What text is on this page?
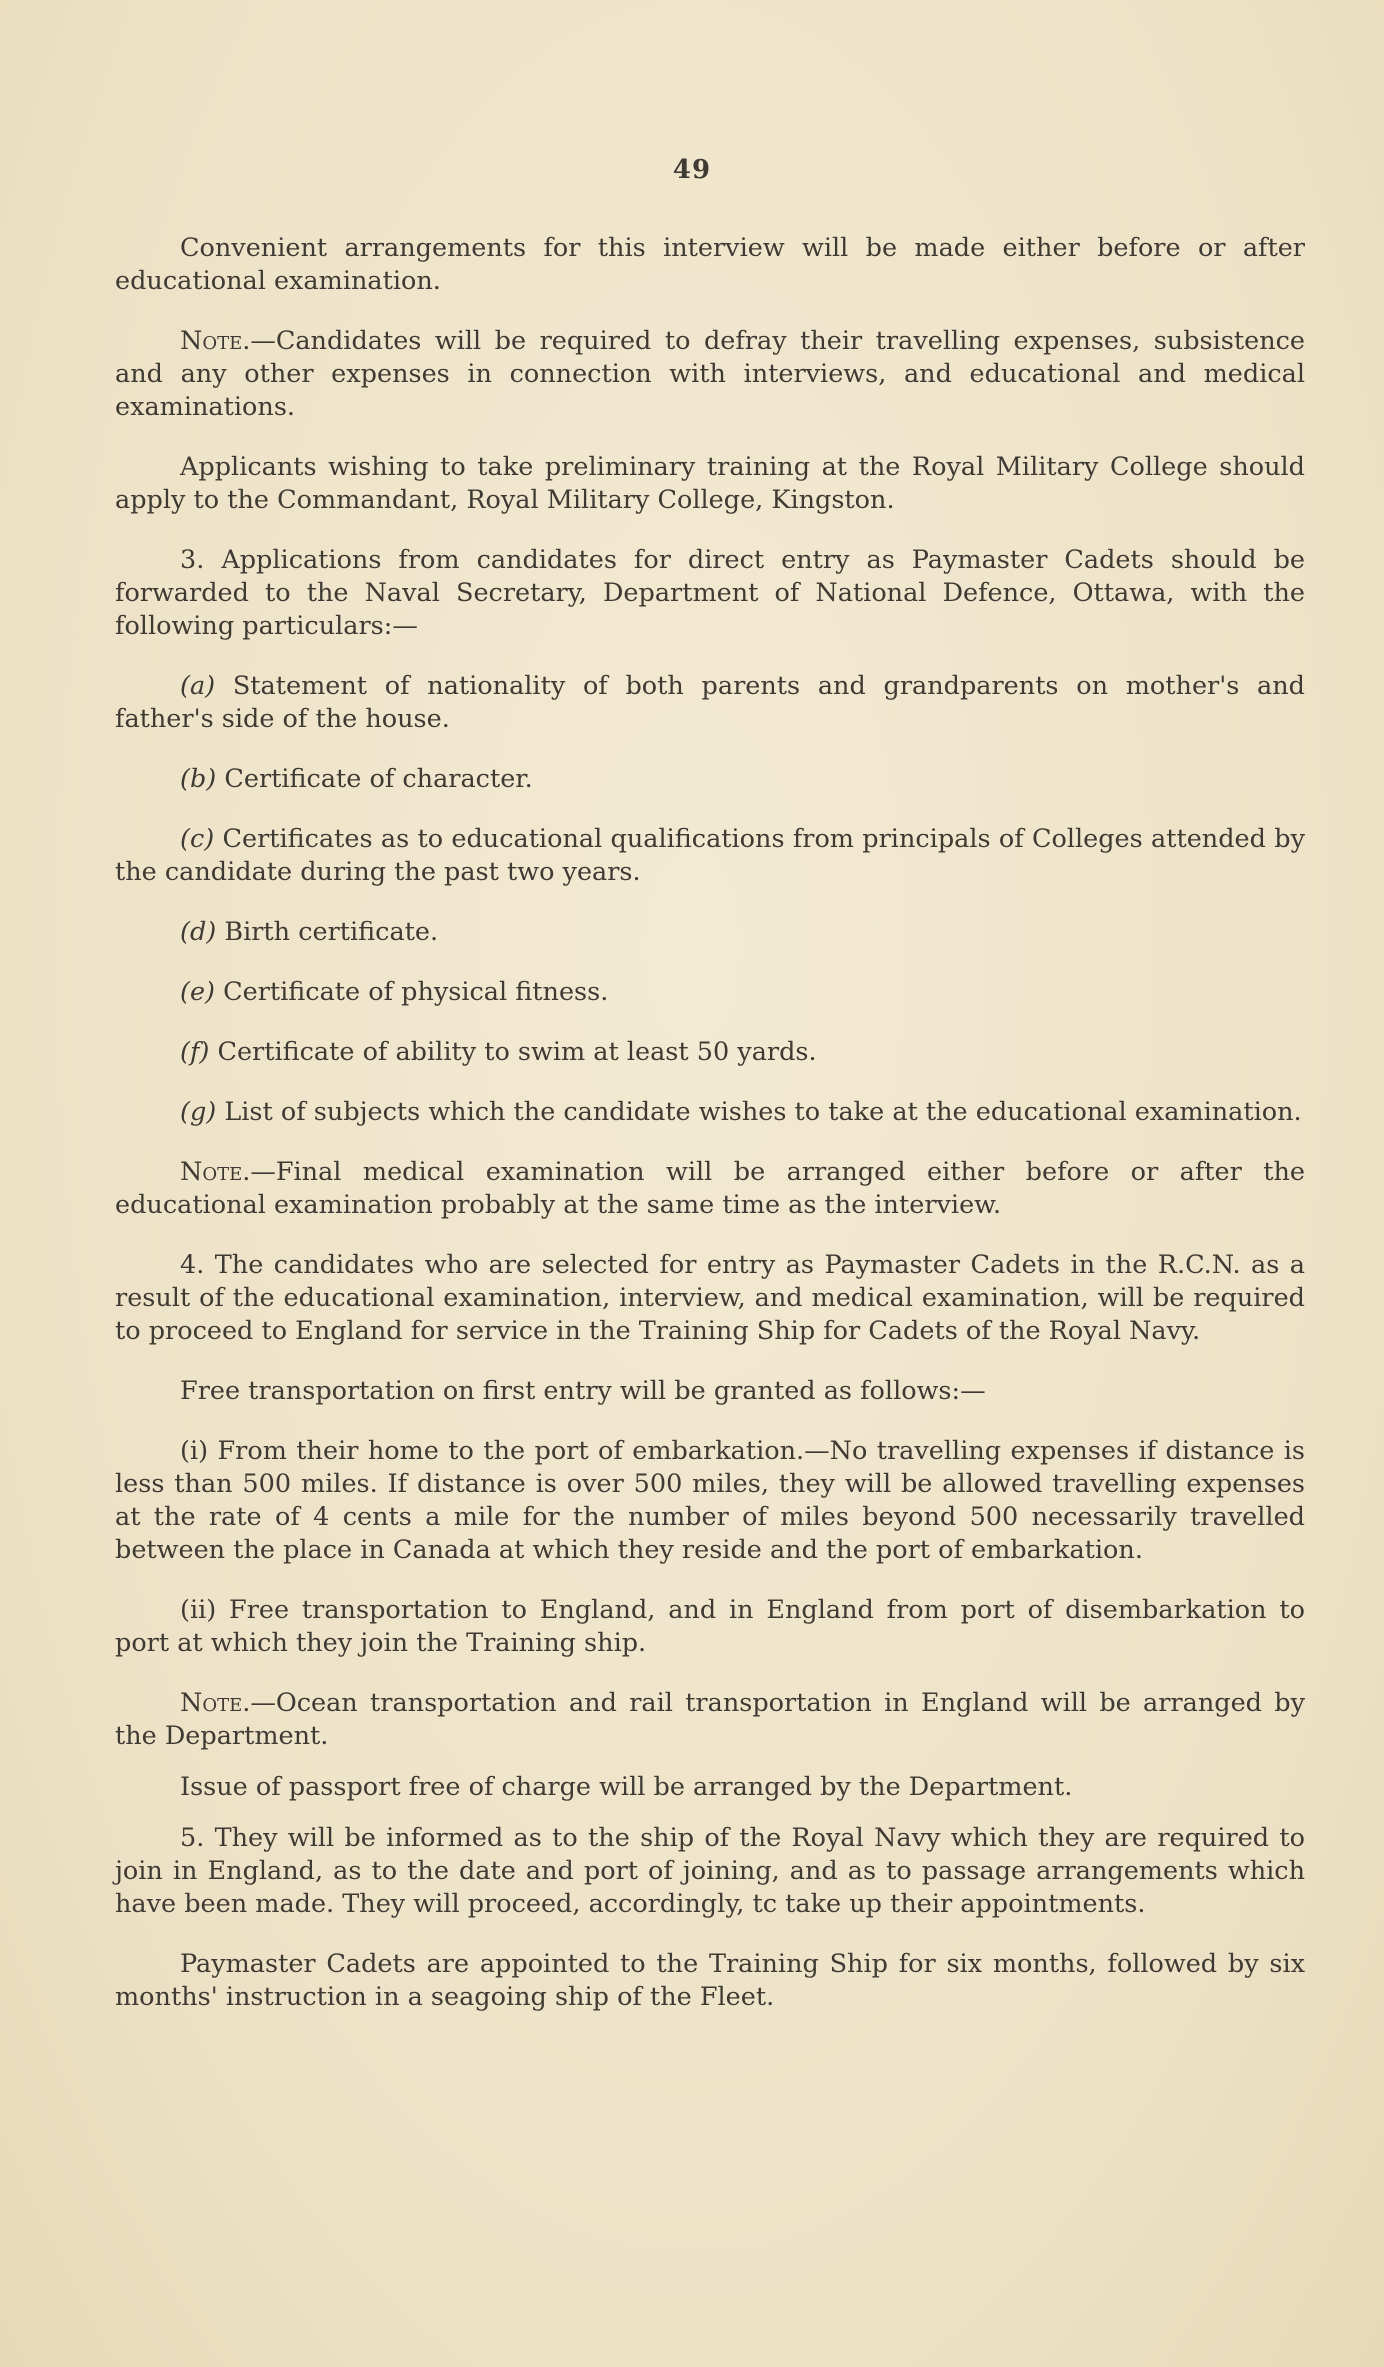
49

Convenient arrangements for this interview will be made either before or after educational examination.

Note.—Candidates will be required to defray their travelling expenses, subsistence and any other expenses in connection with interviews, and educational and medical examinations.

Applicants wishing to take preliminary training at the Royal Military College should apply to the Commandant, Royal Military College, Kingston.

3. Applications from candidates for direct entry as Paymaster Cadets should be forwarded to the Naval Secretary, Department of National Defence, Ottawa, with the following particulars:—

(a) Statement of nationality of both parents and grandparents on mother's and father's side of the house.

(b) Certificate of character.

(c) Certificates as to educational qualifications from principals of Colleges attended by the candidate during the past two years.

(d) Birth certificate.

(e) Certificate of physical fitness.

(f) Certificate of ability to swim at least 50 yards.

(g) List of subjects which the candidate wishes to take at the educational examination.

Note.—Final medical examination will be arranged either before or after the educational examination probably at the same time as the interview.

4. The candidates who are selected for entry as Paymaster Cadets in the R.C.N. as a result of the educational examination, interview, and medical examination, will be required to proceed to England for service in the Training Ship for Cadets of the Royal Navy.

Free transportation on first entry will be granted as follows:—

(i) From their home to the port of embarkation.—No travelling expenses if distance is less than 500 miles. If distance is over 500 miles, they will be allowed travelling expenses at the rate of 4 cents a mile for the number of miles beyond 500 necessarily travelled between the place in Canada at which they reside and the port of embarkation.

(ii) Free transportation to England, and in England from port of disembarkation to port at which they join the Training ship.

Note.—Ocean transportation and rail transportation in England will be arranged by the Department.

Issue of passport free of charge will be arranged by the Department.

5. They will be informed as to the ship of the Royal Navy which they are required to join in England, as to the date and port of joining, and as to passage arrangements which have been made. They will proceed, accordingly, tc take up their appointments.

Paymaster Cadets are appointed to the Training Ship for six months, followed by six months' instruction in a seagoing ship of the Fleet.
